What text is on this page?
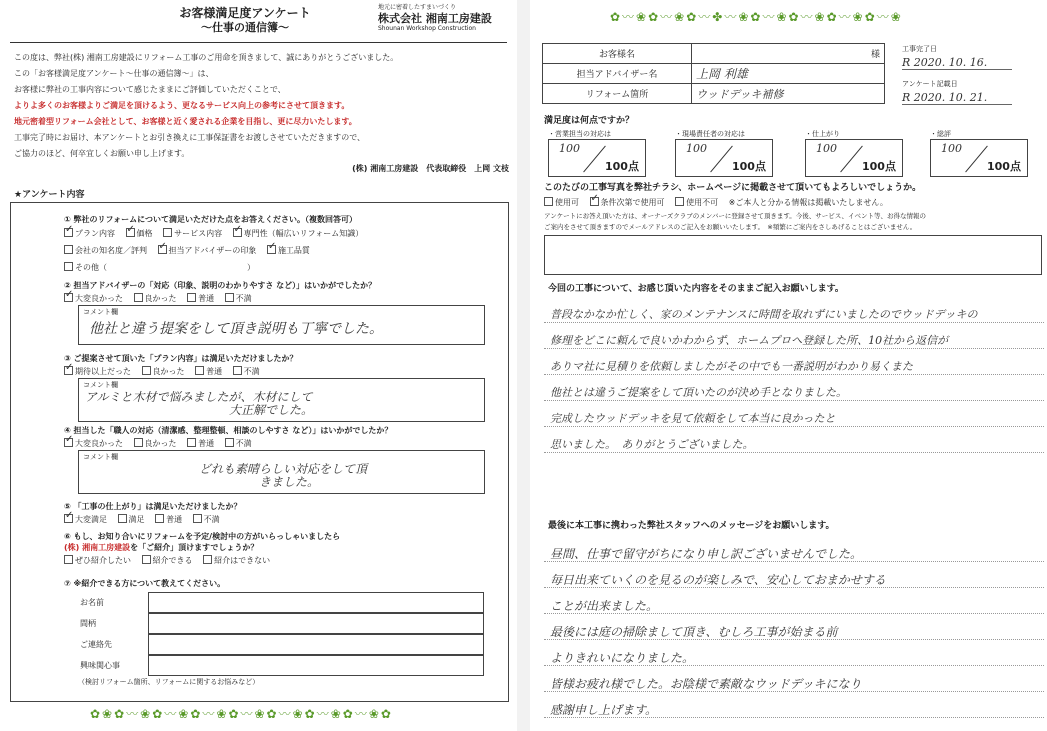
お客様満足度アンケート
〜仕事の通信簿〜
地元に密着したすまいづくり
株式会社 湘南工房建設
Shounan Workshop Construction
この度は、弊社(株) 湘南工房建設にリフォーム工事のご用命を頂きまして、誠にありがとうございました。
この「お客様満足度アンケート〜仕事の通信簿〜」は、
お客様に弊社の工事内容について感じたままにご評価していただくことで、
よりよ多くのお客様よりご満足を頂けるよう、更なるサービス向上の参考にさせて頂きます。
地元密着型リフォーム会社として、お客様と近く愛される企業を目指し、更に尽力いたします。
工事完了時にお届け、本アンケートとお引き換えに工事保証書をお渡しさせていただきますので、
ご協力のほど、何卒宜しくお願い申し上げます。
(株) 湘南工房建設　代表取締役　上岡 文枝
★アンケート内容
① 弊社のリフォームについて満足いただけた点をお答えください。（複数回答可）
✓プラン内容 ✓	価格	サービス内容 ✓	専門性（幅広いリフォーム知識）
会社の知名度／評判 ✓	担当アドバイザーの印象 ✓	施工品質
その他（	）
② 担当アドバイザーの「対応（印象、説明のわかりやすさ など）」はいかがでしたか？
✓大変良かった	良かった	普通	不満
コメント欄
他社と違う提案をして頂き説明も丁寧でした。
③ ご提案させて頂いた「プラン内容」は満足いただけましたか？
✓期待以上だった	良かった	普通	不満
コメント欄
アルミと木材で悩みましたが、木材にして
大正解でした。
④ 担当した「職人の対応（清潔感、整理整頓、相談のしやすさ など）」はいかがでしたか？
✓大変良かった	良かった	普通	不満
コメント欄
どれも素晴らしい対応をして頂
きました。
⑤ 「工事の仕上がり」は満足いただけましたか？
✓大変満足	満足	普通	不満
⑥ もし、お知り合いにリフォームを予定/検討中の方がいらっしゃいましたら
(株) 湘南工房建設を「ご紹介」頂けますでしょうか？
ぜひ紹介したい	紹介できる	紹介はできない
⑦ ※紹介できる方について教えてください。
お名前
間柄
ご連絡先
興味関心事
（検討リフォーム箇所、リフォームに関するお悩みなど）
✿❀✿〰❀✿〰❀✿〰❀✿〰❀✿〰❀✿〰❀✿〰❀✿
✿〰❀✿〰❀✿〰✤〰❀✿〰❀✿〰❀✿〰❀✿〰❀
お客様名	様
担当アドバイザー名	上岡 利雄
リフォーム箇所	ウッドデッキ補修
工事完了日
R 2020. 10. 16.
アンケート記載日
R 2020. 10. 21.
満足度は何点ですか？
・営業担当の対応は	・現場責任者の対応は	・仕上がり	・総評
100
100点
100
100点
100
100点
100
100点
このたびの工事写真を弊社チラシ、ホームページに掲載させて頂いてもよろしいでしょうか。
使用可 ✓	条件次第で使用可	使用不可 ※ご本人と分かる情報は掲載いたしません。
アンケートにお答え頂いた方は、オーナーズクラブのメンバーに登録させて頂きます。今後、サービス、イベント等、お得な情報の
ご案内をさせて頂きますのでメールアドレスのご記入をお願いいたします。　※頻繁にご案内をさしあげることはございません。
今回の工事について、お感じ頂いた内容をそのままご記入お願いします。
普段なかなか忙しく、家のメンテナンスに時間を取れずにいましたのでウッドデッキの
修理をどこに頼んで良いかわからず、ホームプロへ登録した所、10社から返信が
ありマ社に見積りを依頼しましたがその中でも一番説明がわかり易くまた
他社とは違うご提案をして頂いたのが決め手となりました。
完成したウッドデッキを見て依頼をして本当に良かったと
思いました。　ありがとうございました。
最後に本工事に携わった弊社スタッフへのメッセージをお願いします。
昼間、仕事で留守がちになり申し訳ございませんでした。
毎日出来ていくのを見るのが楽しみで、安心しておまかせする
ことが出来ました。
最後には庭の掃除まして頂き、むしろ工事が始まる前
よりきれいになりました。
皆様お疲れ様でした。お陰様で素敵なウッドデッキになり
感謝申し上げます。
